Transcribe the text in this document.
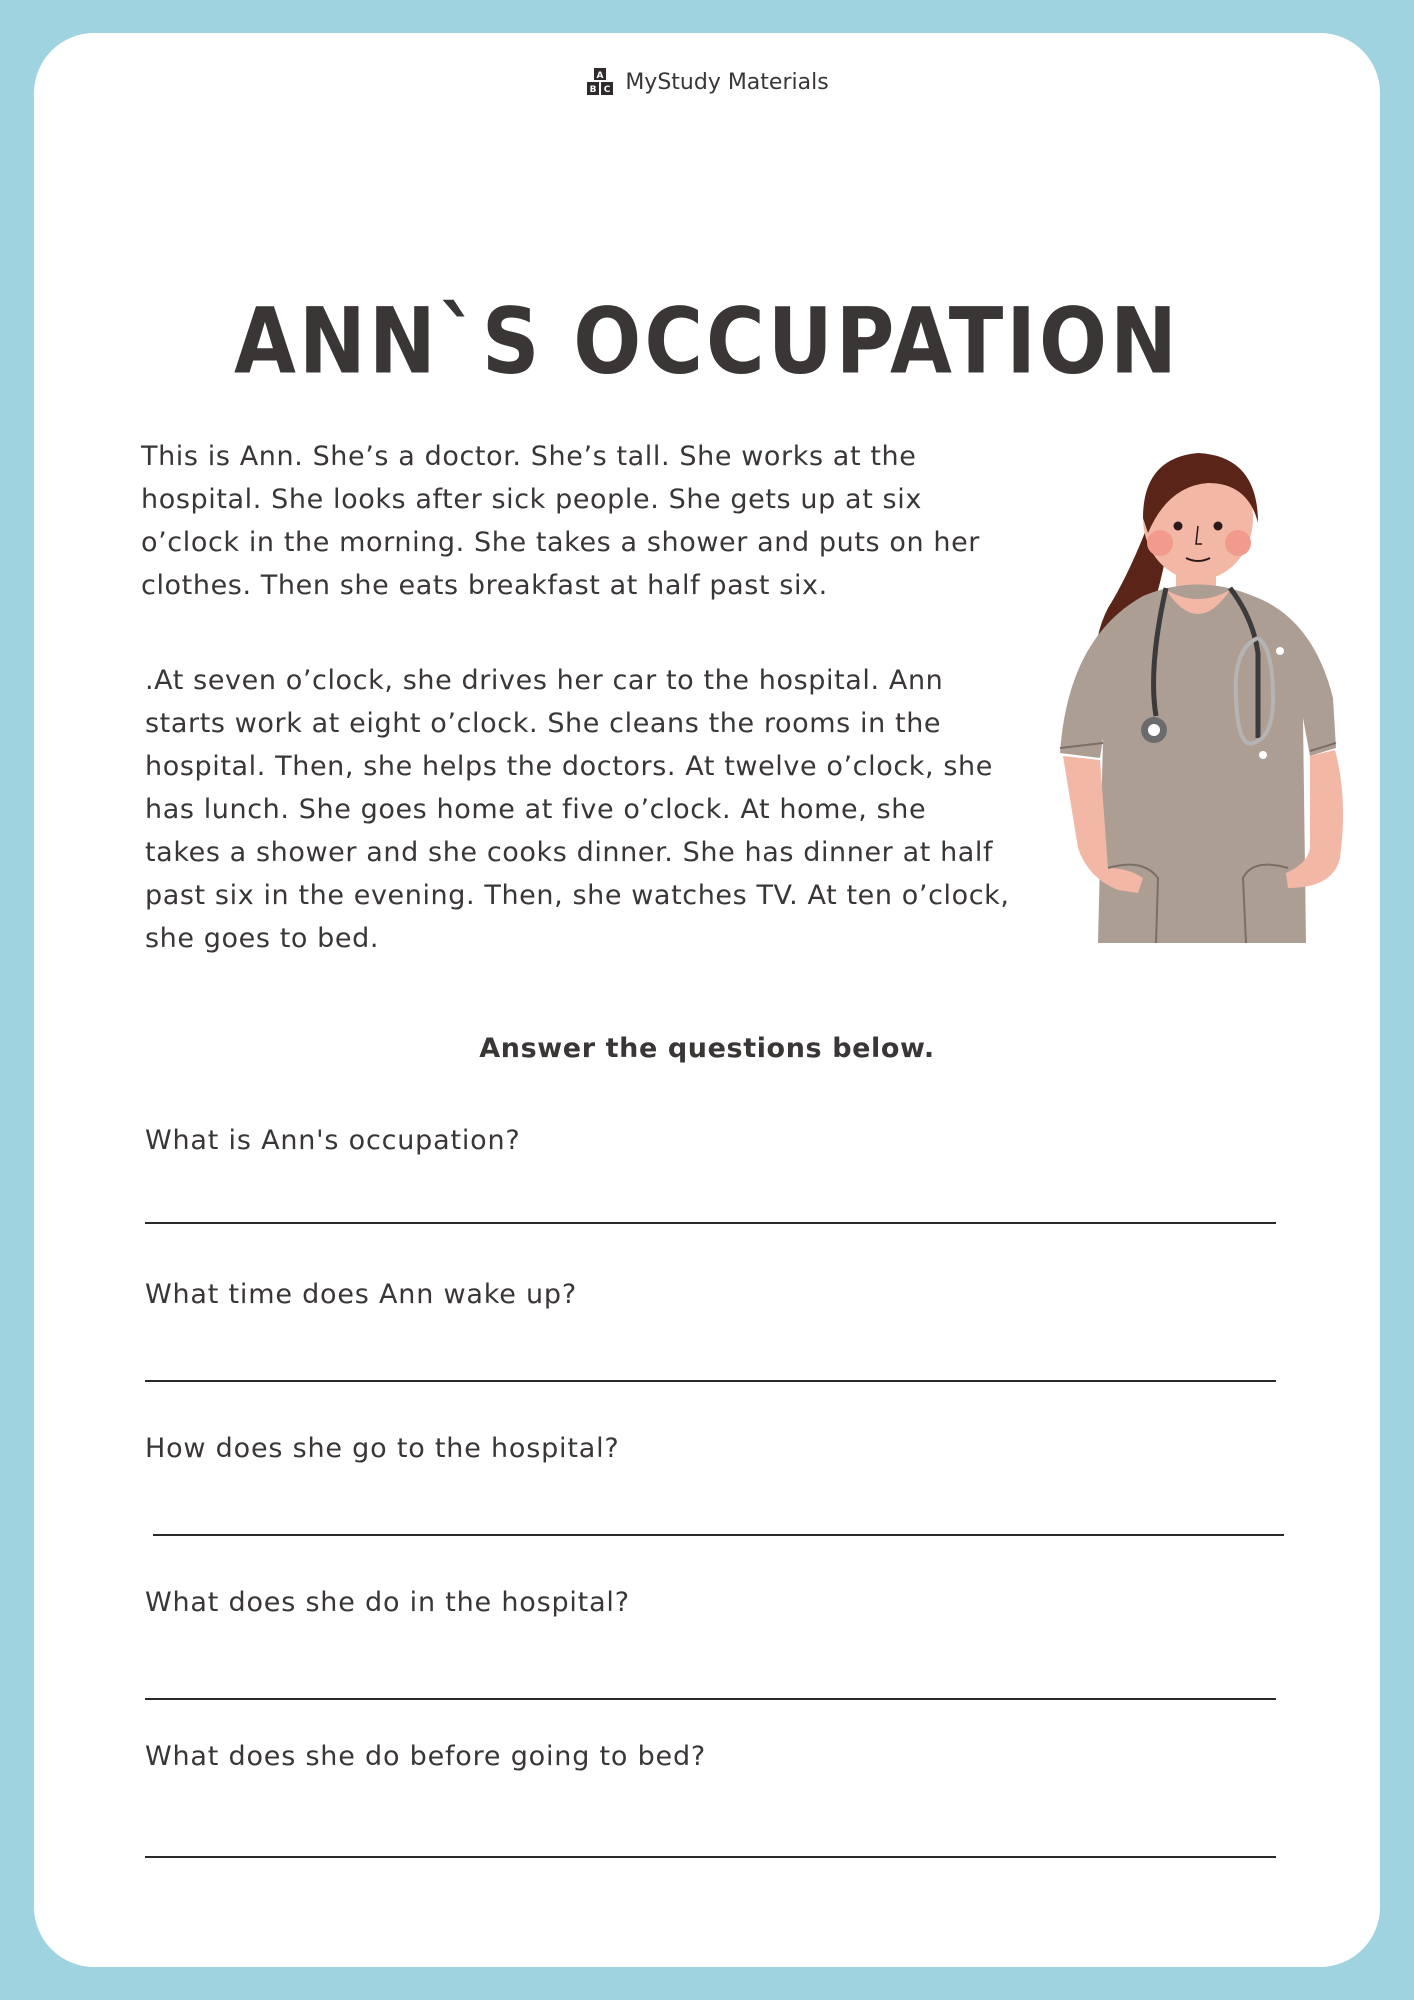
A
B C MyStudy Materials
ANN`S OCCUPATION

This is Ann. She’s a doctor. She’s tall. She works at the hospital. She looks after sick people. She gets up at six o’clock in the morning. She takes a shower and puts on her clothes. Then she eats breakfast at half past six.

.At seven o’clock, she drives her car to the hospital. Ann starts work at eight o’clock. She cleans the rooms in the hospital. Then, she helps the doctors. At twelve o’clock, she has lunch. She goes home at five o’clock. At home, she takes a shower and she cooks dinner. She has dinner at half past six in the evening. Then, she watches TV. At ten o’clock, she goes to bed.

Answer the questions below.

What is Ann's occupation?

What time does Ann wake up?

How does she go to the hospital?

What does she do in the hospital?

What does she do before going to bed?
